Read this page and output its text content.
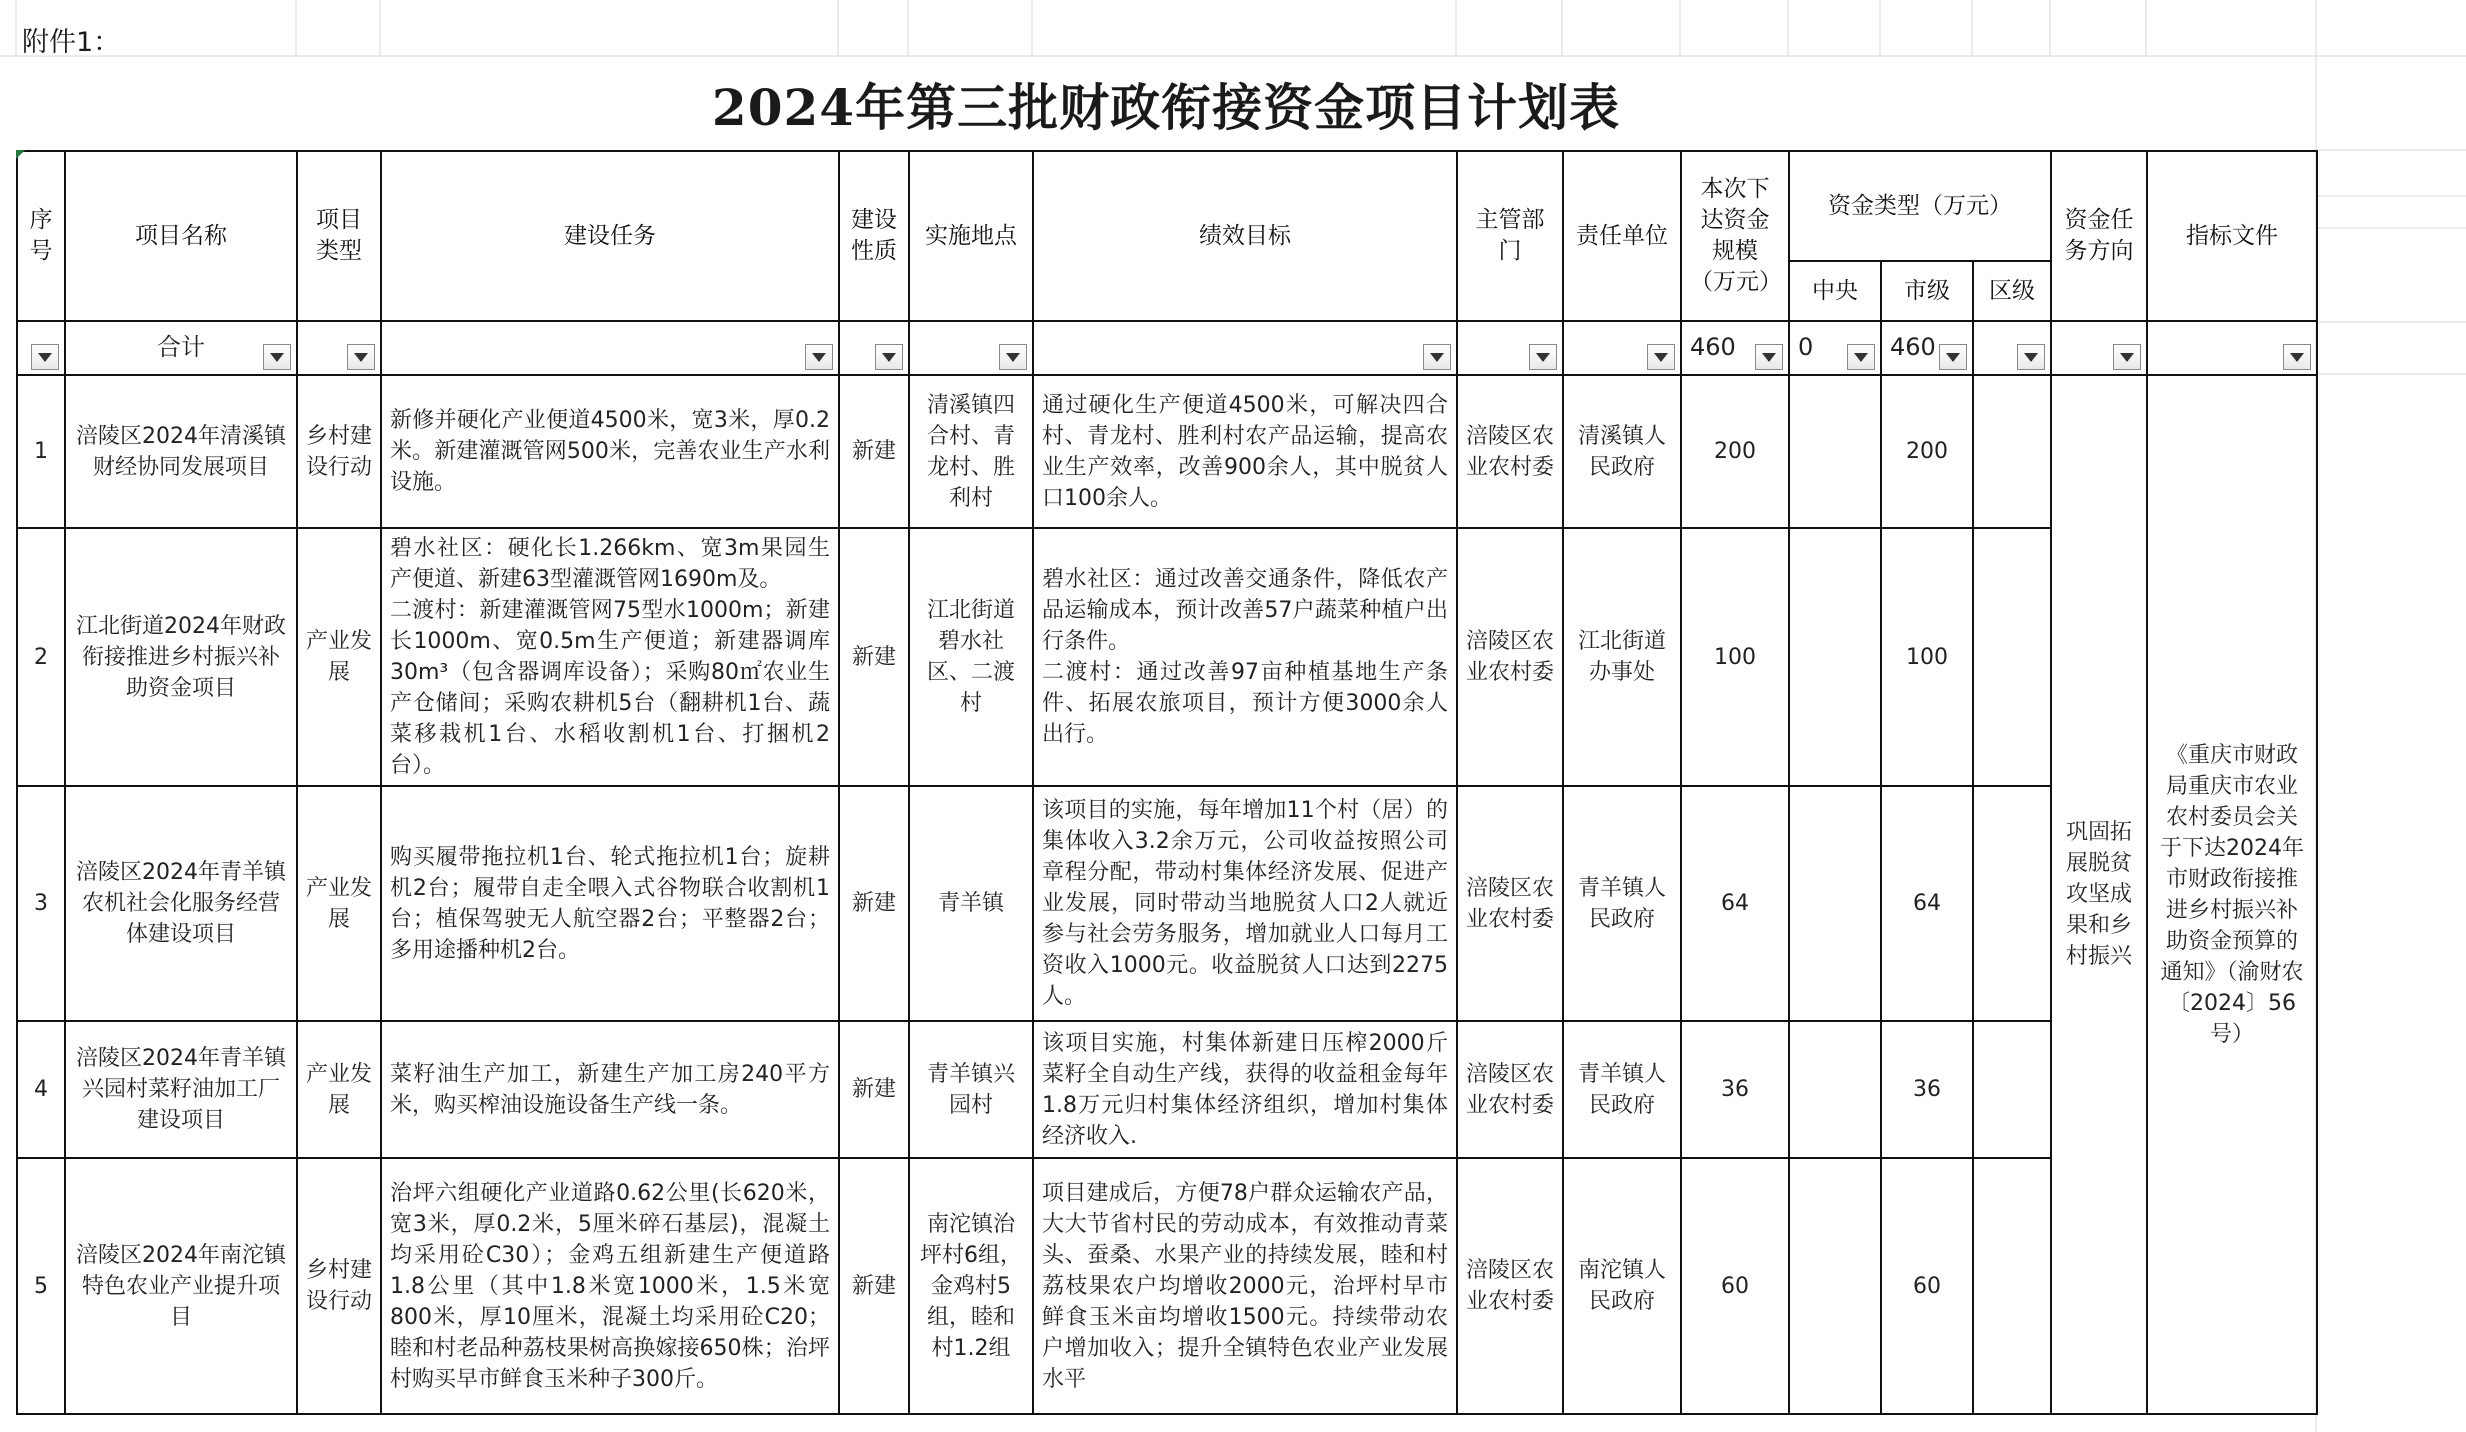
附件1：
2024年第三批财政衔接资金项目计划表
序号	项目名称	项目类型	建设任务	建设性质	实施地点	绩效目标	主管部门	责任单位	本次下达资金规模（万元）	资金类型（万元）			资金任务方向	指标文件
										中央	市级	区级		

	合计								460	0	460

1	涪陵区2024年清溪镇财经协同发展项目	乡村建设行动	新修并硬化产业便道4500米，宽3米，厚0.2米。新建灌溉管网500米，完善农业生产水利设施。	新建	清溪镇四合村、青龙村、胜利村	通过硬化生产便道4500米，可解决四合村、青龙村、胜利村农产品运输，提高农业生产效率，改善900余人，其中脱贫人口100余人。	涪陵区农业农村委	清溪镇人民政府	200		200		巩固拓展脱贫攻坚成果和乡村振兴	《重庆市财政局重庆市农业农村委员会关于下达2024年市财政衔接推进乡村振兴补助资金预算的通知》（渝财农〔2024〕56号）
2	江北街道2024年财政衔接推进乡村振兴补助资金项目	产业发展	碧水社区：硬化长1.266km、宽3m果园生产便道、新建63型灌溉管网1690m及。
二渡村：新建灌溉管网75型水1000m；新建长1000m、宽0.5m生产便道；新建器调库30m³（包含器调库设备）；采购80㎡农业生产仓储间；采购农耕机5台（翻耕机1台、蔬菜移栽机1台、水稻收割机1台、打捆机2台）。	新建	江北街道碧水社区、二渡村	碧水社区：通过改善交通条件，降低农产品运输成本，预计改善57户蔬菜种植户出行条件。
二渡村：通过改善97亩种植基地生产条件、拓展农旅项目，预计方便3000余人出行。	涪陵区农业农村委	江北街道办事处	100		100			
3	涪陵区2024年青羊镇农机社会化服务经营体建设项目	产业发展	购买履带拖拉机1台、轮式拖拉机1台；旋耕机2台；履带自走全喂入式谷物联合收割机1台；植保驾驶无人航空器2台；平整器2台；多用途播种机2台。	新建	青羊镇	该项目的实施，每年增加11个村（居）的集体收入3.2余万元，公司收益按照公司章程分配，带动村集体经济发展、促进产业发展，同时带动当地脱贫人口2人就近参与社会劳务服务，增加就业人口每月工资收入1000元。收益脱贫人口达到2275人。	涪陵区农业农村委	青羊镇人民政府	64		64			
4	涪陵区2024年青羊镇兴园村菜籽油加工厂建设项目	产业发展	菜籽油生产加工，新建生产加工房240平方米，购买榨油设施设备生产线一条。	新建	青羊镇兴园村	该项目实施，村集体新建日压榨2000斤菜籽全自动生产线，获得的收益租金每年1.8万元归村集体经济组织，增加村集体经济收入.	涪陵区农业农村委	青羊镇人民政府	36		36			
5	涪陵区2024年南沱镇特色农业产业提升项目	乡村建设行动	治坪六组硬化产业道路0.62公里(长620米，宽3米，厚0.2米，5厘米碎石基层)，混凝土均采用砼C30）；金鸡五组新建生产便道路1.8公里（其中1.8米宽1000米，1.5米宽800米，厚10厘米，混凝土均采用砼C20；睦和村老品种荔枝果树高换嫁接650株；治坪村购买早市鲜食玉米种子300斤。	新建	南沱镇治坪村6组，金鸡村5组，睦和村1.2组	项目建成后，方便78户群众运输农产品，大大节省村民的劳动成本，有效推动青菜头、蚕桑、水果产业的持续发展，睦和村荔枝果农户均增收2000元，治坪村早市鲜食玉米亩均增收1500元。持续带动农户增加收入；提升全镇特色农业产业发展水平	涪陵区农业农村委	南沱镇人民政府	60		60			
